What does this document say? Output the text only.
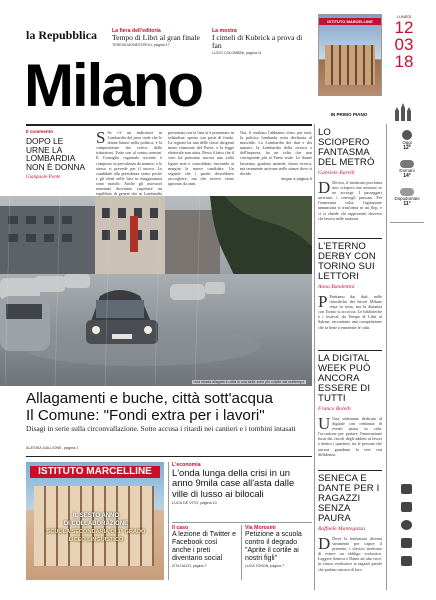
la Repubblica	La fiera dell'editoria
Tempo di Libri al gran finale
TERESA MONESTIROLI, pagina 17
La mostra
I cimeli di Kubrick a prova di fan
LUCIO COLOMBINI, pagina 11
Milano
ISTITUTO MARCELLINE
LUNEDÌ
12
03
18
IN PRIMO PIANO
Il commento
DOPO LE URNE LA LOMBARDIA NON È DONNA
Gianpaolo Ponte
S Se c'è un indicatore in Lombardia del peso reale che le donne hanno nella politica, è la composizione dei vertici delle istituzioni. Tutte con al centro uomini. Il Consiglio regionale uscente è composto in prevalenza da uomini, e lo stesso si prevede per il nuovo. Le candidate alla presidenza erano poche e gli eletti nelle liste in maggioranza sono maschi. Anche gli assessori nominati dovranno rispettare un equilibrio di genere che in Lombardia
presentata con la lista si è presentato in solitudine, spesso con posti di fondo. La regione ha una delle classi dirigenti meno rinnovate del Paese, e la legge elettorale non aiuta. Resta il fatto che il voto ha premiato ancora una volta figure note e consolidate, lasciando ai margini le nuove candidate. Un segnale che i partiti dovrebbero raccogliere, ma che invece viene ignorato da anni.
Noi, il risultato l'abbiamo visto: per tutti, la politica lombarda resta declinata al maschile. La Lombardia dei dati e dei numeri, la Lombardia della ricerca e dell'impresa, ha un volto che non corrisponde più al Paese reale. Le donne lavorano, guidano aziende, fanno ricerca, ma raramente arrivano nelle stanze dove si decide.
segue a pagina 5
Una strada allagata in città in una delle zone più colpite dal maltempo
Allagamenti e buche, città sott'acqua
Il Comune: "Fondi extra per i lavori"
Disagi in serie sulla circonvallazione. Sotto accusa i ritardi nei cantieri e i tombini intasati
ALESSIA GALLIONE, pagina 2
ISTITUTO MARCELLINE
IL SESTO ANNO
DI COLLABORAZIONE
SCUOLA SECONDARIA DI 1° GRADO
LICEO LINGUISTICO
L'economia
L'onda lunga della crisi in un anno 9mila case all'asta dalle ville di lusso ai bilocali
LUCA DE VITO, pagina 10
Il caso
A lezione di Twitter e Facebook così anche i preti diventano social
ZITA DAZZI, pagina 7
Via Morosini
Petizione a scuola contro il degrado "Aprite il cortile ai nostri figli"
LUCA TONON, pagina 7
LO SCIOPERO FANTASMA DEL METRÒ
Gabriele Barelli
D Deciso, il sindacato proclama uno sciopero ma nessuno se ne accorge. I passeggeri arrivano, i convogli partono. Per l'ennesima volta l'agitazione annunciata si trasforma in un flop, e ci si chiede chi rappresenti davvero chi lavora nelle stazioni.
L'ETERNO DERBY CON TORINO SUI LETTORI
Anna Bandettini
P Partiamo dai dati: nelle classifiche dei lettori Milano resta in testa, ma la distanza con Torino si accorcia. Le biblioteche e i festival, da Tempo di Libri al Salone, raccontano una competizione che fa bene a entrambe le città.
LA DIGITAL WEEK PUÒ ANCORA ESSERE DI TUTTI
Franco Bolelli
U Una settimana dedicata al digitale con centinaia di eventi sparsi in città: l'occasione per portare l'innovazione fuori dai circoli degli addetti ai lavori e dentro i quartieri, tra le persone che ancora guardano la rete con diffidenza.
SENECA E DANTE PER I RAGAZZI SENZA PAURA
Raffaele Mantegazza
D Dove la letteratura diventa strumento per capire il presente, i classici smettono di essere un obbligo scolastico. Leggere Seneca e Dante ad alta voce, in classe, restituisce ai ragazzi parole che parlano ancora di loro.
Oggi
12°
Domani
14°
Dopodomani
11°
